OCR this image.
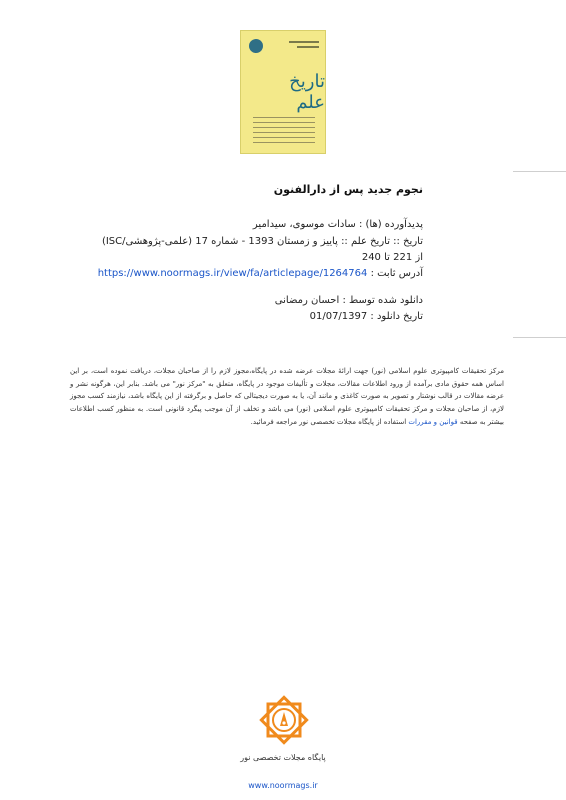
تاریخ علم
نجوم جدید پس از دارالفنون
پدیدآورده (ها) : سادات موسوی، سیدامیر
تاریخ :: تاریخ علم :: پاییز و زمستان 1393 - شماره 17 (علمی-پژوهشی/ISC)
از 221 تا 240
آدرس ثابت : https://www.noormags.ir/view/fa/articlepage/1264764
دانلود شده توسط : احسان رمضانی
تاریخ دانلود : 01/07/1397
مرکز تحقیقات کامپیوتری علوم اسلامی (نور) جهت ارائۀ مجلات عرضه شده در پایگاه،مجوز لازم را از صاحبان مجلات، دریافت نموده است، بر این اساس همه حقوق مادی برآمده از ورود اطلاعات مقالات، مجلات و تألیفات موجود در پایگاه، متعلق به "مرکز نور" می باشد. بنابر این، هرگونه نشر و عرضه مقالات در قالب نوشتار و تصویر به صورت کاغذی و مانند آن، یا به صورت دیجیتالی که حاصل و برگرفته از این پایگاه باشد، نیازمند کسب مجوز لازم، از صاحبان مجلات و مرکز تحقیقات کامپیوتری علوم اسلامی (نور) می باشد و تخلف از آن موجب پیگرد قانونی است. به منظور کسب اطلاعات بیشتر به صفحه قوانین و مقررات استفاده از پایگاه مجلات تخصصی نور مراجعه فرمائید.
پایگاه مجلات تخصصی نور
www.noormags.ir
